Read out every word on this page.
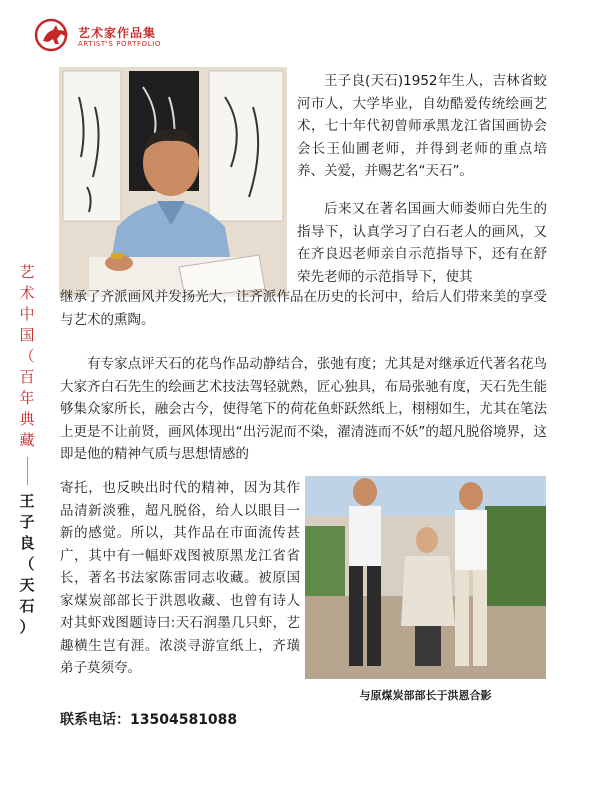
艺术家作品集
ARTIST'S PORTFOLIO
艺
术
中
国
（
百
年
典
藏
王
子
良
（
天
石
）

王子良(天石)1952年生人，吉林省蛟河市人，大学毕业，自幼酷爱传统绘画艺术，七十年代初曾师承黑龙江省国画协会会长王仙圃老师，并得到老师的重点培养、关爱，并赐艺名“天石”。

后来又在著名国画大师娄师白先生的指导下，认真学习了白石老人的画风，又在齐良迟老师亲自示范指导下，还有在舒荣先老师的示范指导下，使其

继承了齐派画风并发扬光大，让齐派作品在历史的长河中，给后人们带来美的享受与艺术的熏陶。

有专家点评天石的花鸟作品动静结合，张弛有度；尤其是对继承近代著名花鸟大家齐白石先生的绘画艺术技法驾轻就熟，匠心独具，布局张驰有度，天石先生能够集众家所长，融会古今，使得笔下的荷花鱼虾跃然纸上，栩栩如生，尤其在笔法上更是不让前贤，画风体现出“出污泥而不染，濯清涟而不妖”的超凡脱俗境界，这即是他的精神气质与思想情感的

寄托，也反映出时代的精神，因为其作品清新淡雅，超凡脱俗，给人以眼目一新的感觉。所以，其作品在市面流传甚广，其中有一幅虾戏图被原黑龙江省省长，著名书法家陈雷同志收藏。被原国家煤炭部部长于洪恩收藏、也曾有诗人对其虾戏图题诗曰:天石润墨几只虾，艺趣横生岂有涯。浓淡寻游宣纸上，齐璜弟子莫须夸。

与原煤炭部部长于洪恩合影
联系电话：13504581088
